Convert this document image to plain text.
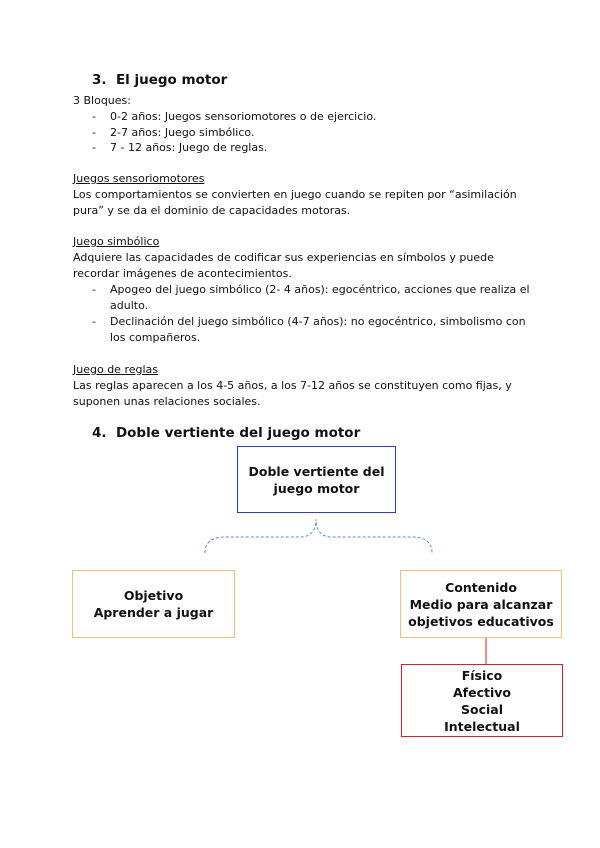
3. El juego motor
3 Bloques:
- 0-2 años: Juegos sensoriomotores o de ejercicio.
- 2-7 años: Juego simbólico.
- 7 - 12 años: Juego de reglas.
Juegos sensoriomotores
Los comportamientos se convierten en juego cuando se repiten por “asimilación
pura” y se da el dominio de capacidades motoras.
Juego simbólico
Adquiere las capacidades de codificar sus experiencias en símbolos y puede
recordar imágenes de acontecimientos.
- Apogeo del juego simbólico (2- 4 años): egocéntrico, acciones que realiza el
adulto.
- Declinación del juego simbólico (4-7 años): no egocéntrico, simbolismo con
los compañeros.
Juego de reglas
Las reglas aparecen a los 4-5 años, a los 7-12 años se constituyen como fijas, y
suponen unas relaciones sociales.
4. Doble vertiente del juego motor
Doble vertiente del
juego motor
Objetivo
Aprender a jugar
Contenido
Medio para alcanzar
objetivos educativos
Físico
Afectivo
Social
Intelectual
